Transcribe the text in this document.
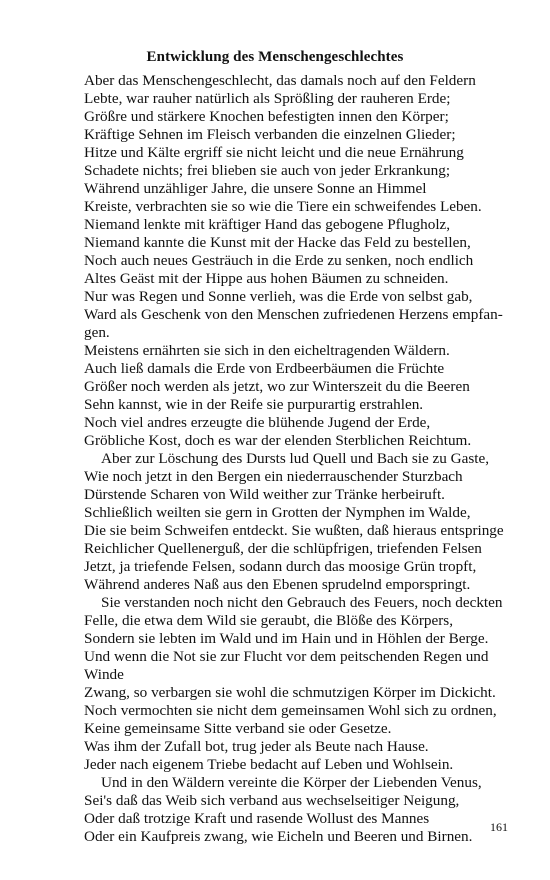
Entwicklung des Menschengeschlechtes
Aber das Menschengeschlecht, das damals noch auf den Feldern
Lebte, war rauher natürlich als Sprößling der rauheren Erde;
Größre und stärkere Knochen befestigten innen den Körper;
Kräftige Sehnen im Fleisch verbanden die einzelnen Glieder;
Hitze und Kälte ergriff sie nicht leicht und die neue Ernährung
Schadete nichts; frei blieben sie auch von jeder Erkrankung;
Während unzähliger Jahre, die unsere Sonne an Himmel
Kreiste, verbrachten sie so wie die Tiere ein schweifendes Leben.
Niemand lenkte mit kräftiger Hand das gebogene Pflugholz,
Niemand kannte die Kunst mit der Hacke das Feld zu bestellen,
Noch auch neues Gesträuch in die Erde zu senken, noch endlich
Altes Geäst mit der Hippe aus hohen Bäumen zu schneiden.
Nur was Regen und Sonne verlieh, was die Erde von selbst gab,
Ward als Geschenk von den Menschen zufriedenen Herzens empfan-
gen.
Meistens ernährten sie sich in den eicheltragenden Wäldern.
Auch ließ damals die Erde von Erdbeerbäumen die Früchte
Größer noch werden als jetzt, wo zur Winterszeit du die Beeren
Sehn kannst, wie in der Reife sie purpurartig erstrahlen.
Noch viel andres erzeugte die blühende Jugend der Erde,
Gröbliche Kost, doch es war der elenden Sterblichen Reichtum.
Aber zur Löschung des Dursts lud Quell und Bach sie zu Gaste,
Wie noch jetzt in den Bergen ein niederrauschender Sturzbach
Dürstende Scharen von Wild weither zur Tränke herbeiruft.
Schließlich weilten sie gern in Grotten der Nymphen im Walde,
Die sie beim Schweifen entdeckt. Sie wußten, daß hieraus entspringe
Reichlicher Quellenerguß, der die schlüpfrigen, triefenden Felsen
Jetzt, ja triefende Felsen, sodann durch das moosige Grün tropft,
Während anderes Naß aus den Ebenen sprudelnd emporspringt.
Sie verstanden noch nicht den Gebrauch des Feuers, noch deckten
Felle, die etwa dem Wild sie geraubt, die Blöße des Körpers,
Sondern sie lebten im Wald und im Hain und in Höhlen der Berge.
Und wenn die Not sie zur Flucht vor dem peitschenden Regen und
Winde
Zwang, so verbargen sie wohl die schmutzigen Körper im Dickicht.
Noch vermochten sie nicht dem gemeinsamen Wohl sich zu ordnen,
Keine gemeinsame Sitte verband sie oder Gesetze.
Was ihm der Zufall bot, trug jeder als Beute nach Hause.
Jeder nach eigenem Triebe bedacht auf Leben und Wohlsein.
Und in den Wäldern vereinte die Körper der Liebenden Venus,
Sei's daß das Weib sich verband aus wechselseitiger Neigung,
Oder daß trotzige Kraft und rasende Wollust des Mannes
Oder ein Kaufpreis zwang, wie Eicheln und Beeren und Birnen.
161
